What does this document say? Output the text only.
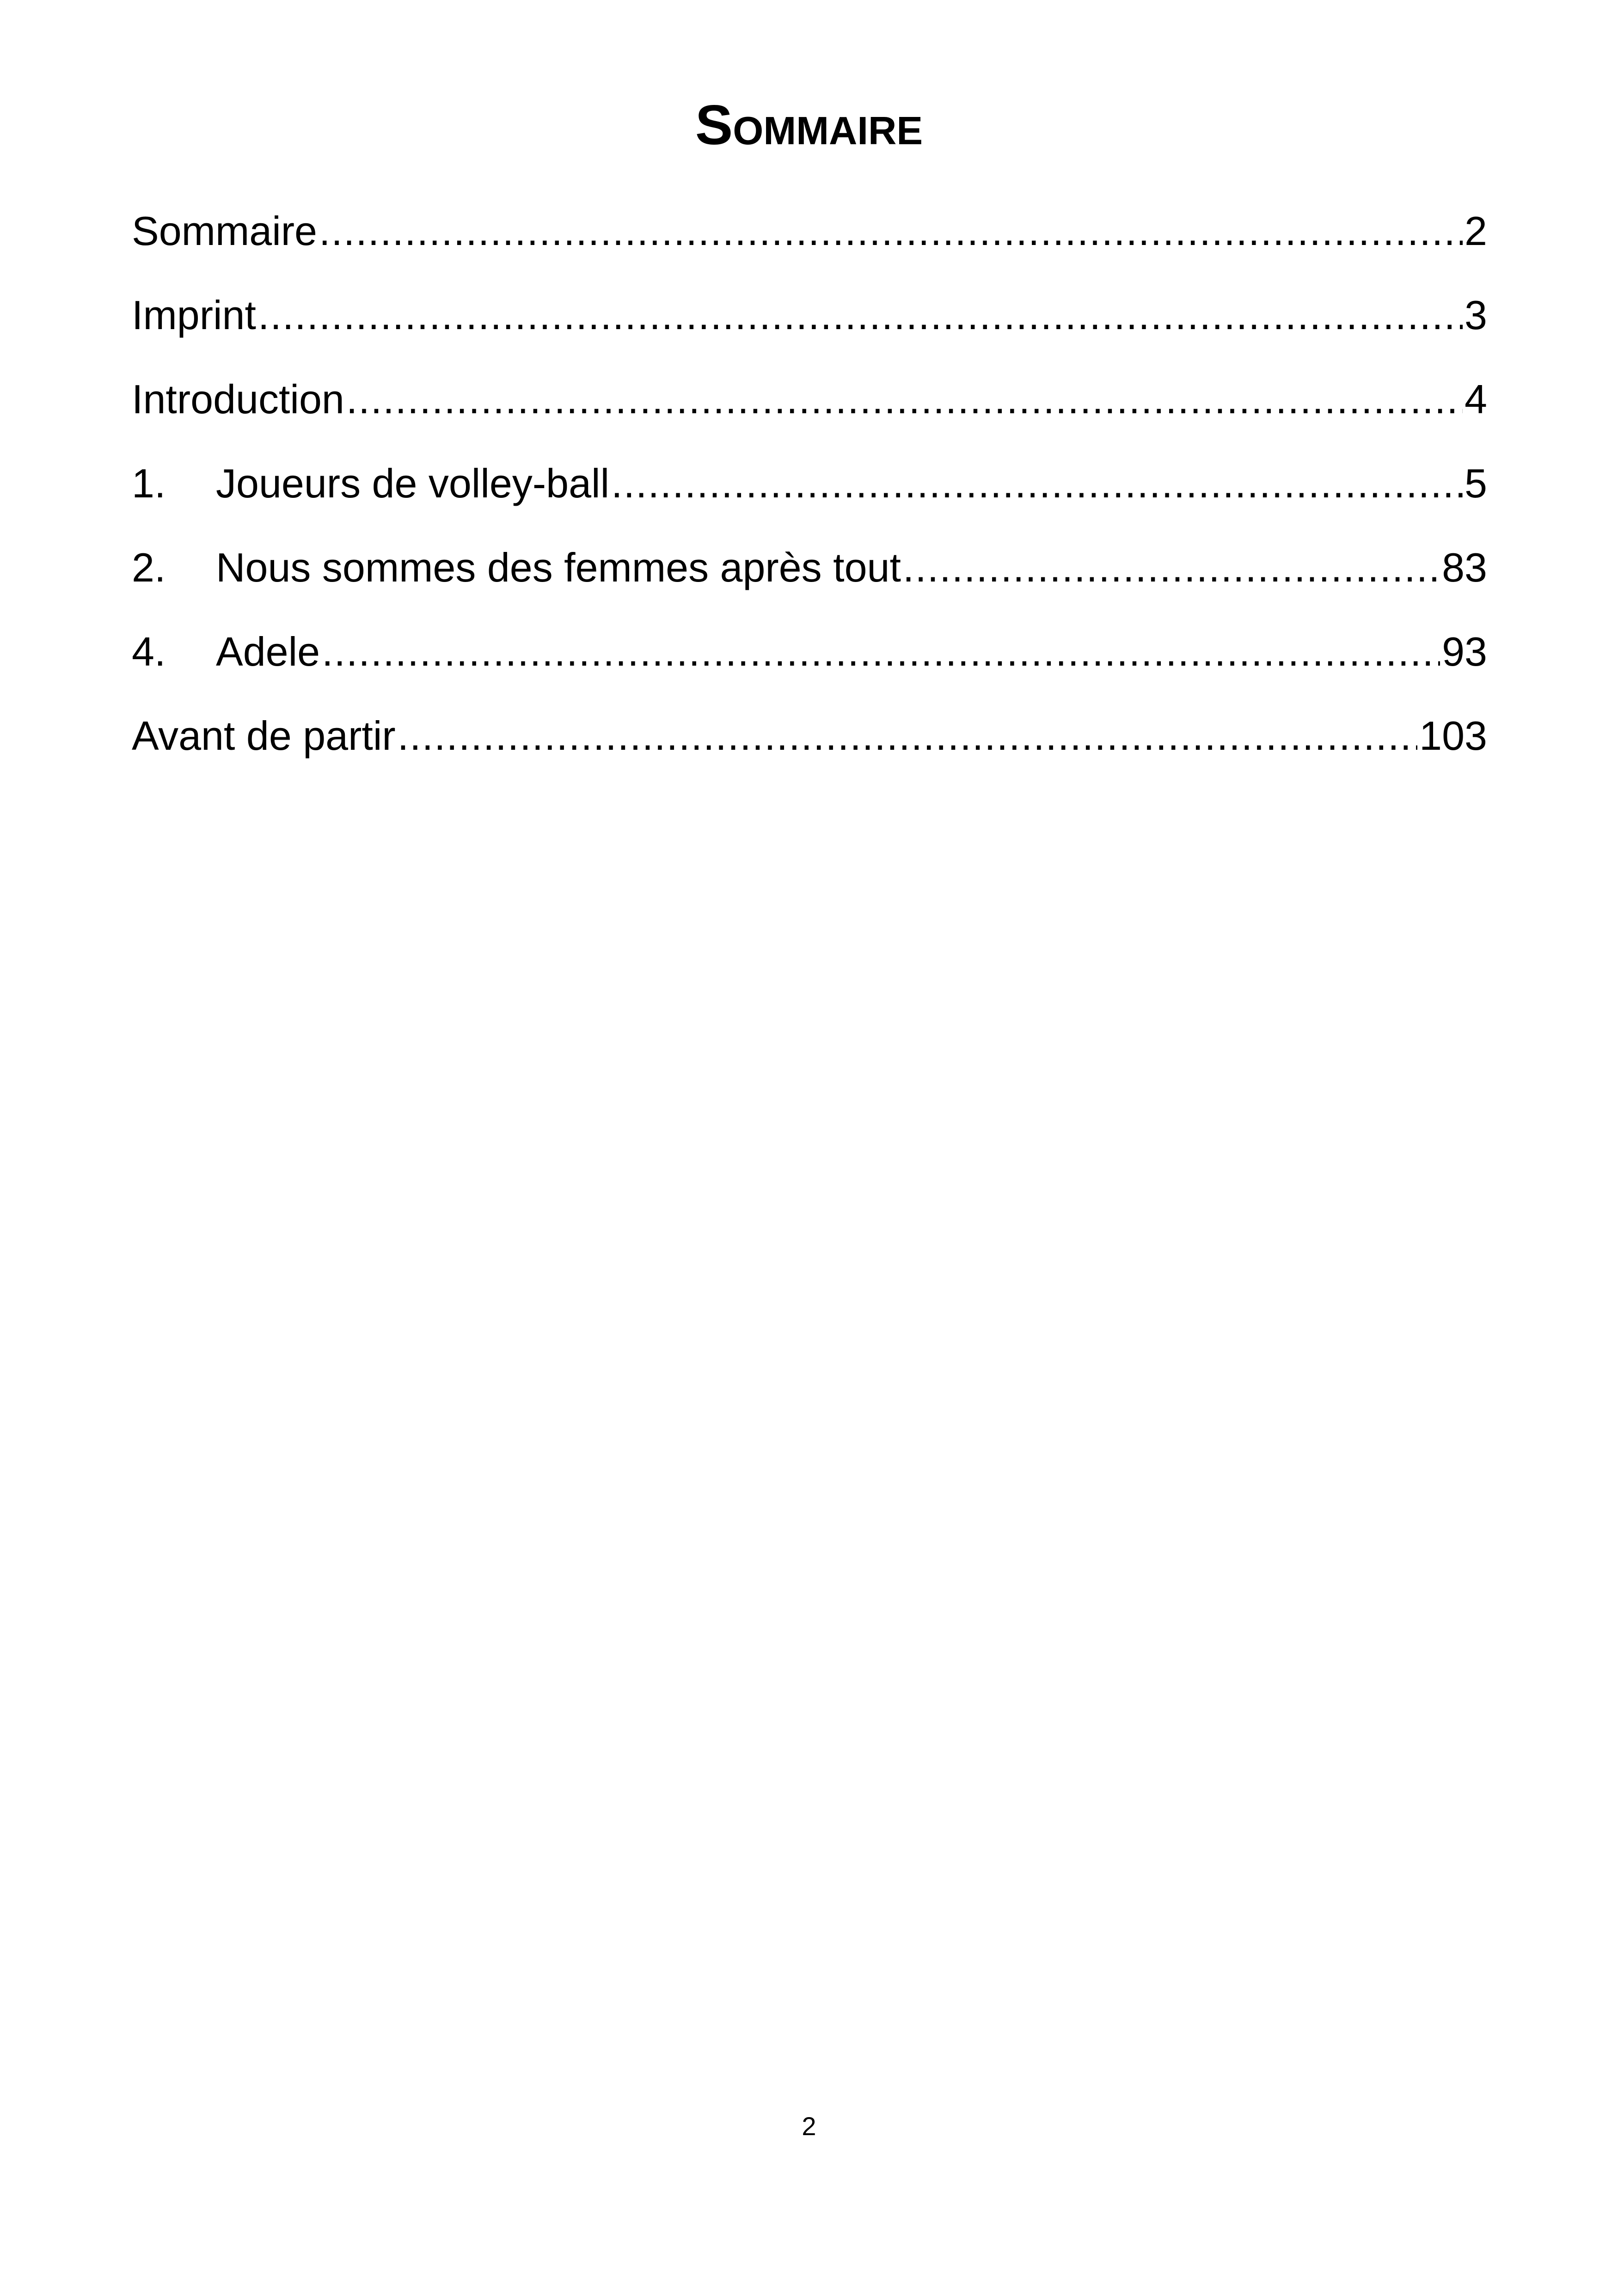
Sommaire
Sommaire .....	2
Imprint .....	3
Introduction .....	4
1.	Joueurs de volley-ball .....	5
2.	Nous sommes des femmes après tout .....	83
4.	Adele .....	93
Avant de partir .....	103
2
